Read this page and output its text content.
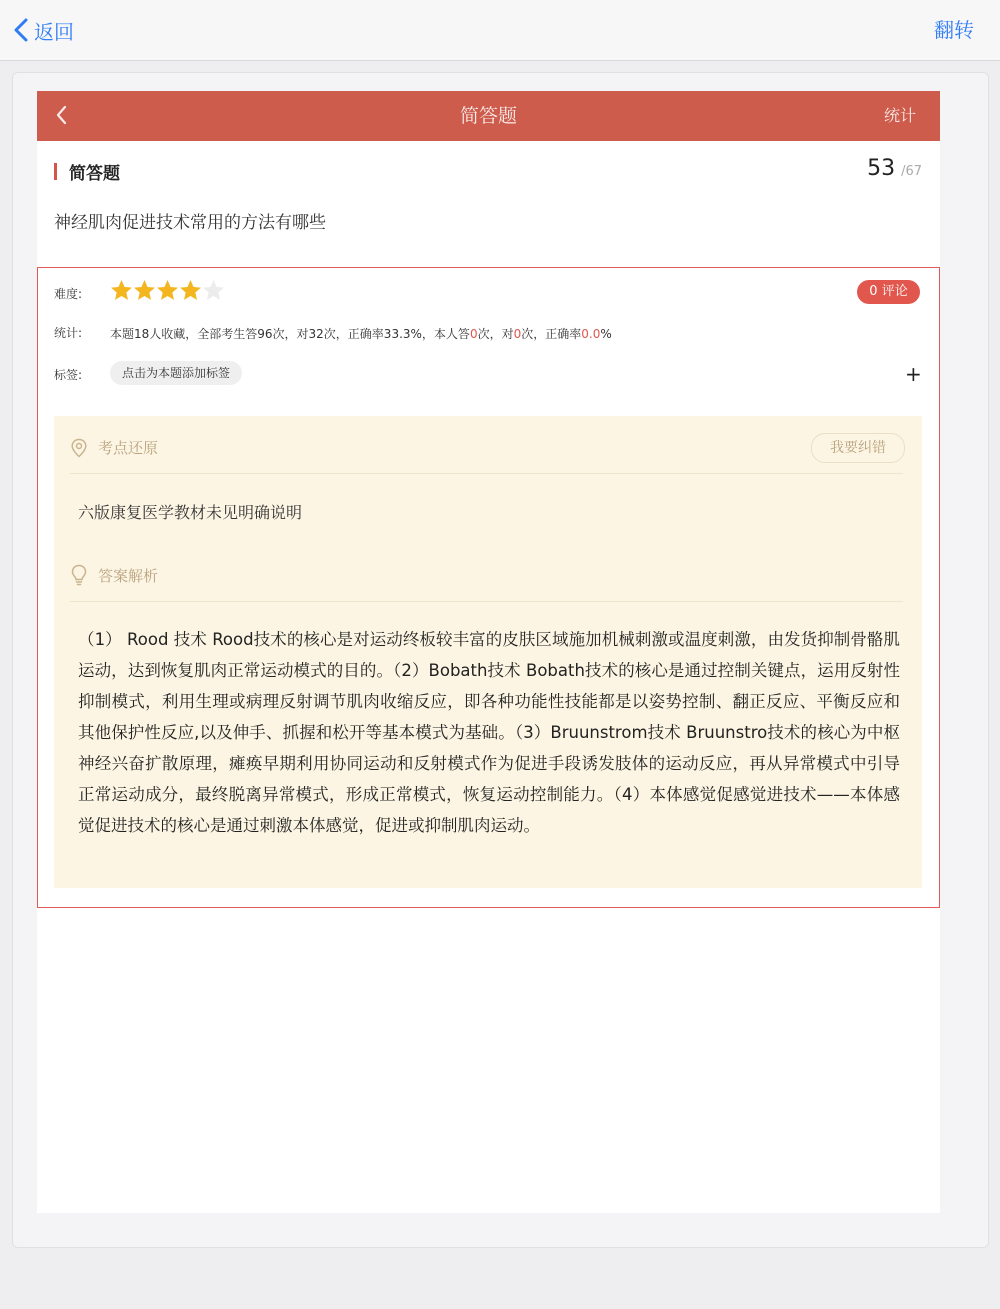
返回	翻转
简答题	统计
简答题	53 /67
神经肌肉促进技术常用的方法有哪些
难度:	0 评论
统计: 本题18人收藏，全部考生答96次，对32次，正确率33.3%，本人答0次，对0次，正确率0.0%
标签:	点击为本题添加标签	+
考点还原	我要纠错
六版康复医学教材未见明确说明
答案解析

（1） Rood 技术 Rood技术的核心是对运动终板较丰富的皮肤区域施加机械刺激或温度刺激，由发货抑制骨骼肌运动，达到恢复肌肉正常运动模式的目的。（2）Bobath技术 Bobath技术的核心是通过控制关键点，运用反射性抑制模式，利用生理或病理反射调节肌肉收缩反应，即各种功能性技能都是以姿势控制、翻正反应、平衡反应和其他保护性反应,以及伸手、抓握和松开等基本模式为基础。（3）Bruunstrom技术 Bruunstro技术的核心为中枢神经兴奋扩散原理，瘫痪早期利用协同运动和反射模式作为促进手段诱发肢体的运动反应，再从异常模式中引导正常运动成分，最终脱离异常模式，形成正常模式，恢复运动控制能力。（4）本体感觉促感觉进技术——本体感觉促进技术的核心是通过刺激本体感觉，促进或抑制肌肉运动。
